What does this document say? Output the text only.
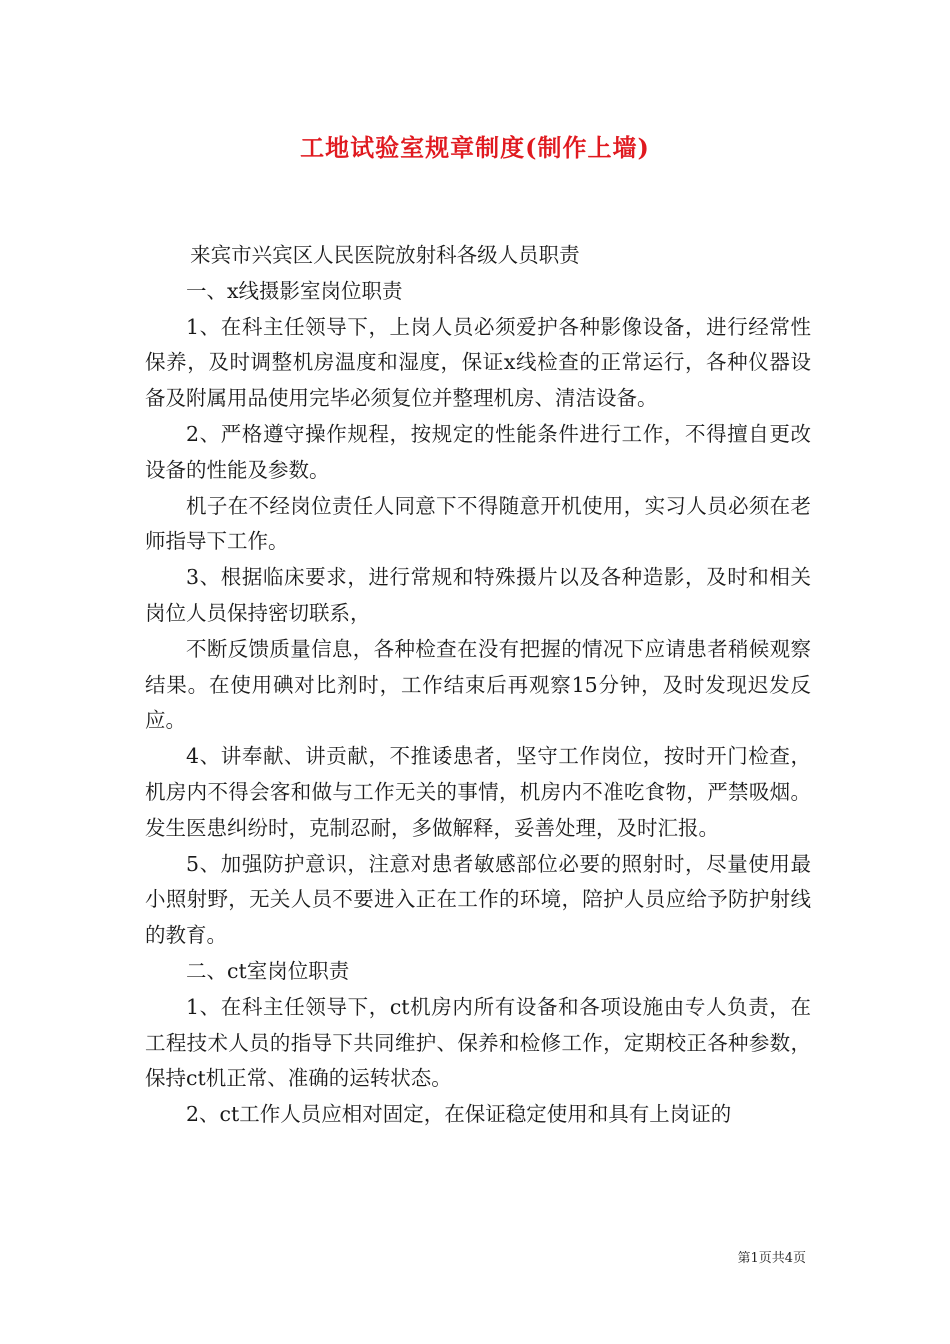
工地试验室规章制度(制作上墙)

来宾市兴宾区人民医院放射科各级人员职责

一、x线摄影室岗位职责

1、在科主任领导下，上岗人员必须爱护各种影像设备，进行经常性保养，及时调整机房温度和湿度，保证x线检查的正常运行，各种仪器设备及附属用品使用完毕必须复位并整理机房、清洁设备。

2、严格遵守操作规程，按规定的性能条件进行工作，不得擅自更改设备的性能及参数。

机子在不经岗位责任人同意下不得随意开机使用，实习人员必须在老师指导下工作。

3、根据临床要求，进行常规和特殊摄片以及各种造影，及时和相关岗位人员保持密切联系，

不断反馈质量信息，各种检查在没有把握的情况下应请患者稍候观察结果。在使用碘对比剂时，工作结束后再观察15分钟，及时发现迟发反应。

4、讲奉献、讲贡献，不推诿患者，坚守工作岗位，按时开门检查，机房内不得会客和做与工作无关的事情，机房内不准吃食物，严禁吸烟。发生医患纠纷时，克制忍耐，多做解释，妥善处理，及时汇报。

5、加强防护意识，注意对患者敏感部位必要的照射时，尽量使用最小照射野，无关人员不要进入正在工作的环境，陪护人员应给予防护射线的教育。

二、ct室岗位职责

1、在科主任领导下，ct机房内所有设备和各项设施由专人负责，在工程技术人员的指导下共同维护、保养和检修工作，定期校正各种参数，保持ct机正常、准确的运转状态。

2、ct工作人员应相对固定，在保证稳定使用和具有上岗证的

第1页共4页
